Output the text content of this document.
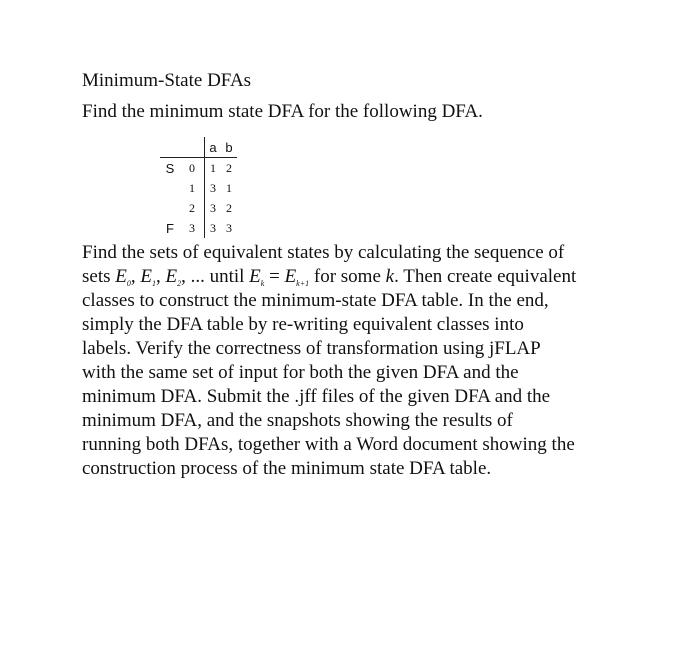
Minimum-State DFAs
Find the minimum state DFA for the following DFA.
		a	b
S	0	1	2
	1	3	1
	2	3	2
F	3	3	3
Find the sets of equivalent states by calculating the sequence of
sets $E_0$, $E_1$, $E_2$, ... until $E_k = E_{k+1}$ for some k. Then create equivalent
classes to construct the minimum-state DFA table. In the end,
simply the DFA table by re-writing equivalent classes into
labels. Verify the correctness of transformation using jFLAP
with the same set of input for both the given DFA and the
minimum DFA. Submit the .jff files of the given DFA and the
minimum DFA, and the snapshots showing the results of
running both DFAs, together with a Word document showing the
construction process of the minimum state DFA table.
